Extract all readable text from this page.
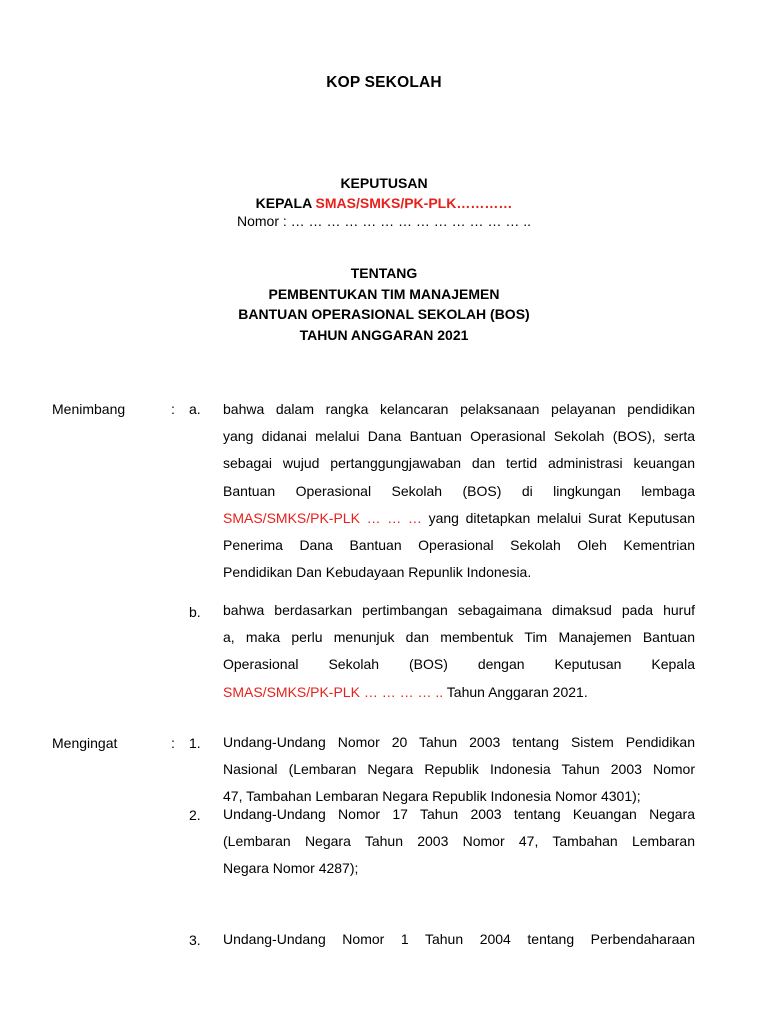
KOP SEKOLAH
KEPUTUSAN
KEPALA SMAS/SMKS/PK-PLK…………
Nomor : … … … … … … … … … … … … … ..
TENTANG
PEMBENTUKAN TIM MANAJEMEN
BANTUAN OPERASIONAL SEKOLAH (BOS)
TAHUN ANGGARAN 2021
Menimbang	: a. bahwa dalam rangka kelancaran pelaksanaan pelayanan pendidikan
yang didanai melalui Dana Bantuan Operasional Sekolah (BOS), serta
sebagai wujud pertanggungjawaban dan tertid administrasi keuangan
Bantuan Operasional Sekolah (BOS) di lingkungan lembaga
SMAS/SMKS/PK-PLK … … … yang ditetapkan melalui Surat Keputusan
Penerima Dana Bantuan Operasional Sekolah Oleh Kementrian
Pendidikan Dan Kebudayaan Repunlik Indonesia.
b. bahwa berdasarkan pertimbangan sebagaimana dimaksud pada huruf
a, maka perlu menunjuk dan membentuk Tim Manajemen Bantuan
Operasional Sekolah (BOS) dengan Keputusan Kepala
SMAS/SMKS/PK-PLK … … … … .. Tahun Anggaran 2021.
Mengingat	: 1. Undang-Undang Nomor 20 Tahun 2003 tentang Sistem Pendidikan
Nasional (Lembaran Negara Republik Indonesia Tahun 2003 Nomor
47, Tambahan Lembaran Negara Republik Indonesia Nomor 4301);
2. Undang-Undang Nomor 17 Tahun 2003 tentang Keuangan Negara
(Lembaran Negara Tahun 2003 Nomor 47, Tambahan Lembaran
Negara Nomor 4287);
3. Undang-Undang Nomor 1 Tahun 2004 tentang Perbendaharaan
